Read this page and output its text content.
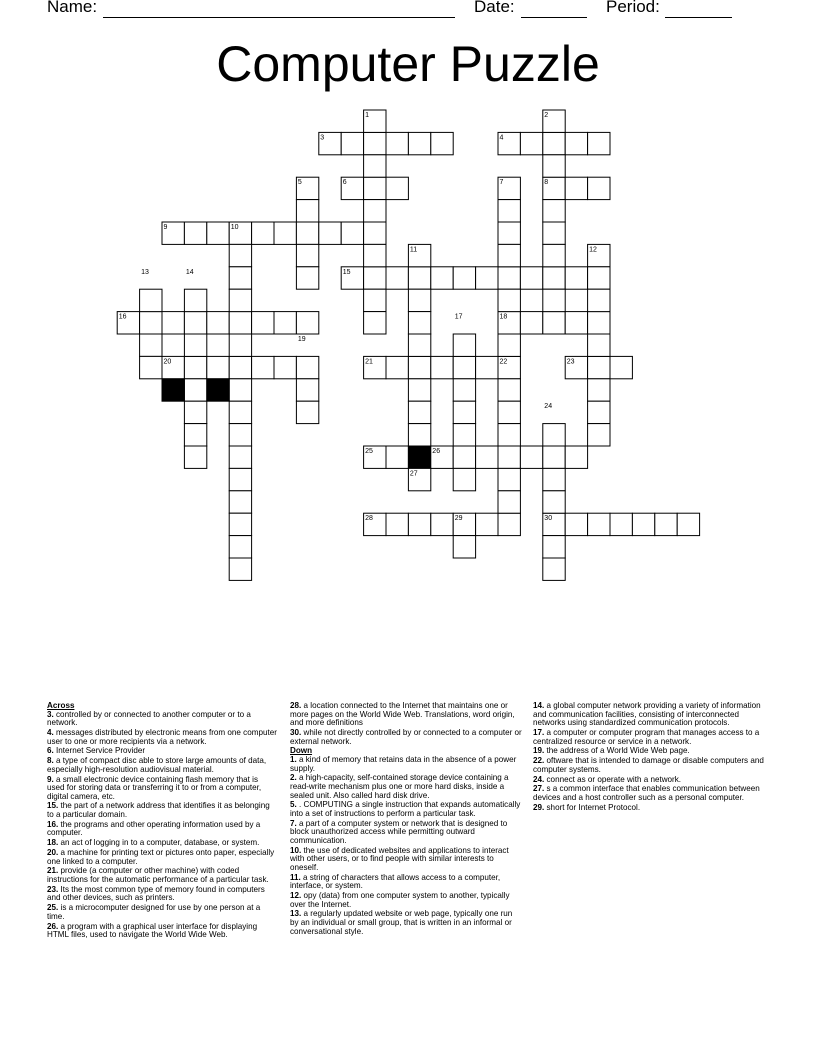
Name:	Date:	Period:
Computer Puzzle
1	2
3	4
5	6	7	8
9	10
11	12
13	14	15
16	17	18
19
20	21	22	23
24
25	26
27
28	29	30
Across
3. controlled by or connected to another computer or to a network.
4. messages distributed by electronic means from one computer user to one or more recipients via a network.
6. Internet Service Provider
8. a type of compact disc able to store large amounts of data, especially high-resolution audiovisual material.
9. a small electronic device containing flash memory that is used for storing data or transferring it to or from a computer, digital camera, etc.
15. the part of a network address that identifies it as belonging to a particular domain.
16. the programs and other operating information used by a computer.
18. an act of logging in to a computer, database, or system.
20. a machine for printing text or pictures onto paper, especially one linked to a computer.
21. provide (a computer or other machine) with coded instructions for the automatic performance of a particular task.
23. Its the most common type of memory found in computers and other devices, such as printers.
25. is a microcomputer designed for use by one person at a time.
26. a program with a graphical user interface for displaying HTML files, used to navigate the World Wide Web.
28. a location connected to the Internet that maintains one or more pages on the World Wide Web. Translations, word origin, and more definitions
30. while not directly controlled by or connected to a computer or external network.
Down
1. a kind of memory that retains data in the absence of a power supply.
2. a high-capacity, self-contained storage device containing a read-write mechanism plus one or more hard disks, inside a sealed unit. Also called hard disk drive.
5. . COMPUTING a single instruction that expands automatically into a set of instructions to perform a particular task.
7. a part of a computer system or network that is designed to block unauthorized access while permitting outward communication.
10. the use of dedicated websites and applications to interact with other users, or to find people with similar interests to oneself.
11. a string of characters that allows access to a computer, interface, or system.
12. opy (data) from one computer system to another, typically over the Internet.
13. a regularly updated website or web page, typically one run by an individual or small group, that is written in an informal or conversational style.
14. a global computer network providing a variety of information and communication facilities, consisting of interconnected networks using standardized communication protocols.
17. a computer or computer program that manages access to a centralized resource or service in a network.
19. the address of a World Wide Web page.
22. oftware that is intended to damage or disable computers and computer systems.
24. connect as or operate with a network.
27. s a common interface that enables communication between devices and a host controller such as a personal computer.
29. short for Internet Protocol.
